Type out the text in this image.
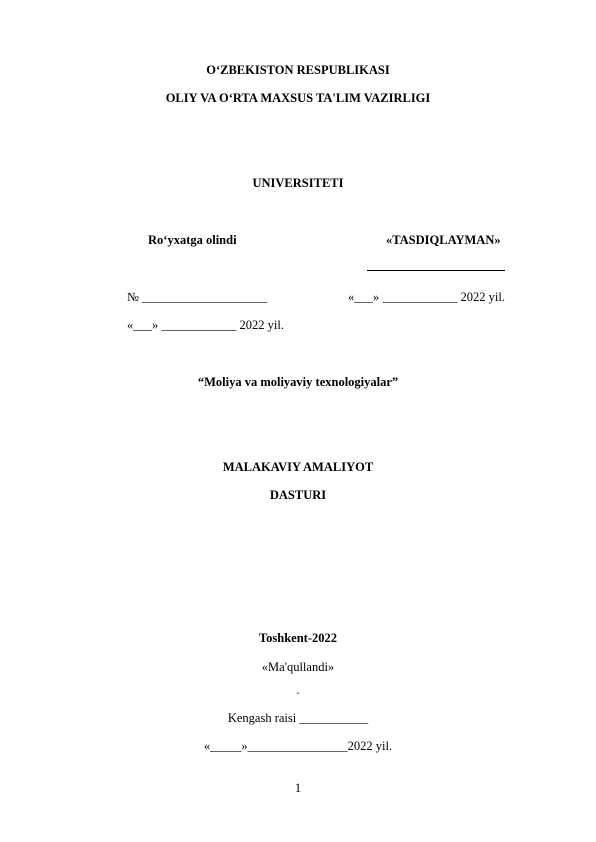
O‘ZBEKISTON RESPUBLIKASI
OLIY VA O‘RTA MAXSUS TA'LIM VAZIRLIGI
UNIVERSITETI
Ro‘yxatga olindi	«TASDIQLAYMAN»
№ ____________________	«___» ____________ 2022 yil.
«___» ____________ 2022 yil.
“Moliya va moliyaviy texnologiyalar”
MALAKAVIY AMALIYOT
DASTURI
Toshkent-2022
«Ma'qullandi»
.
Kengash raisi ___________
«_____»________________2022 yil.
1
